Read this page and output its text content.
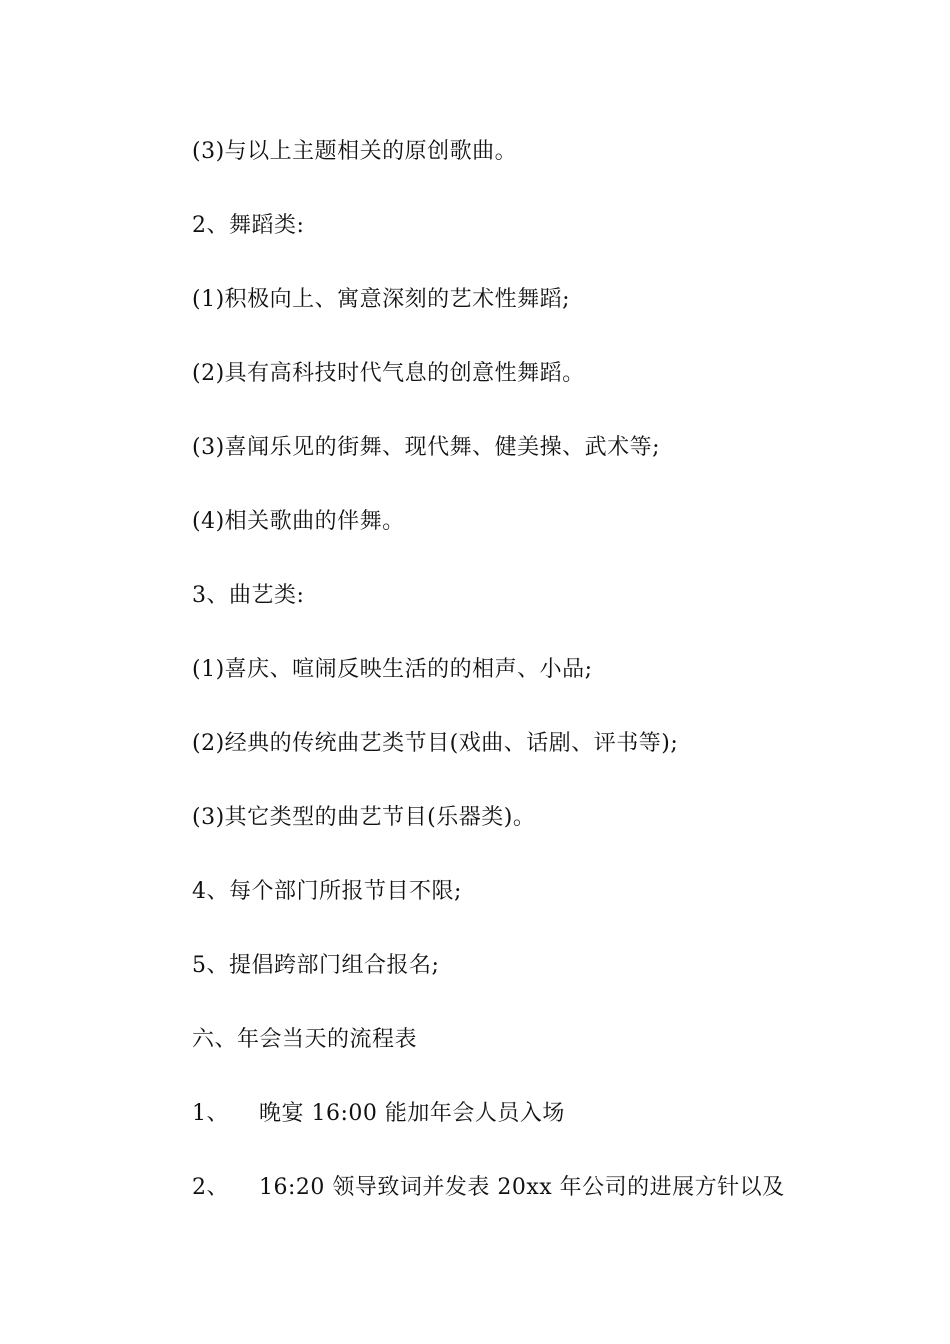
(3)与以上主题相关的原创歌曲。
2、舞蹈类:
(1)积极向上、寓意深刻的艺术性舞蹈;
(2)具有高科技时代气息的创意性舞蹈。
(3)喜闻乐见的街舞、现代舞、健美操、武术等;
(4)相关歌曲的伴舞。
3、曲艺类:
(1)喜庆、喧闹反映生活的的相声、小品;
(2)经典的传统曲艺类节目(戏曲、话剧、评书等);
(3)其它类型的曲艺节目(乐器类)。
4、每个部门所报节目不限;
5、提倡跨部门组合报名;
六、年会当天的流程表
1、    晚宴 16:00 能加年会人员入场
2、    16:20 领导致词并发表 20xx 年公司的进展方针以及
